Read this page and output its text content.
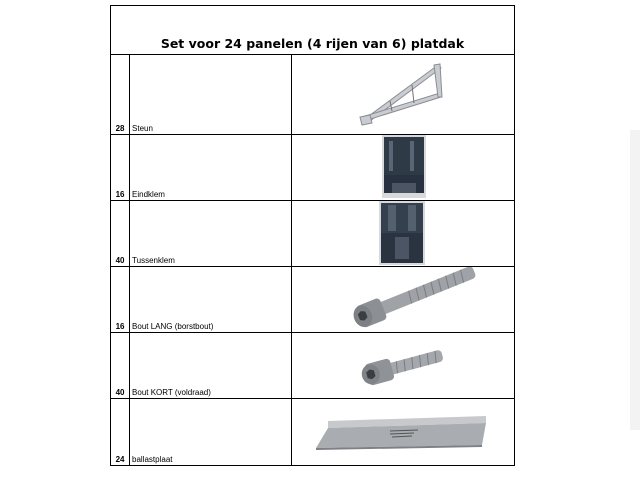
Set voor 24 panelen (4 rijen van 6) platdak		
28	Steun	

16	Eindklem	

40	Tussenklem	

16	Bout LANG (borstbout)	

40	Bout KORT (voldraad)	

24	ballastplaat	
